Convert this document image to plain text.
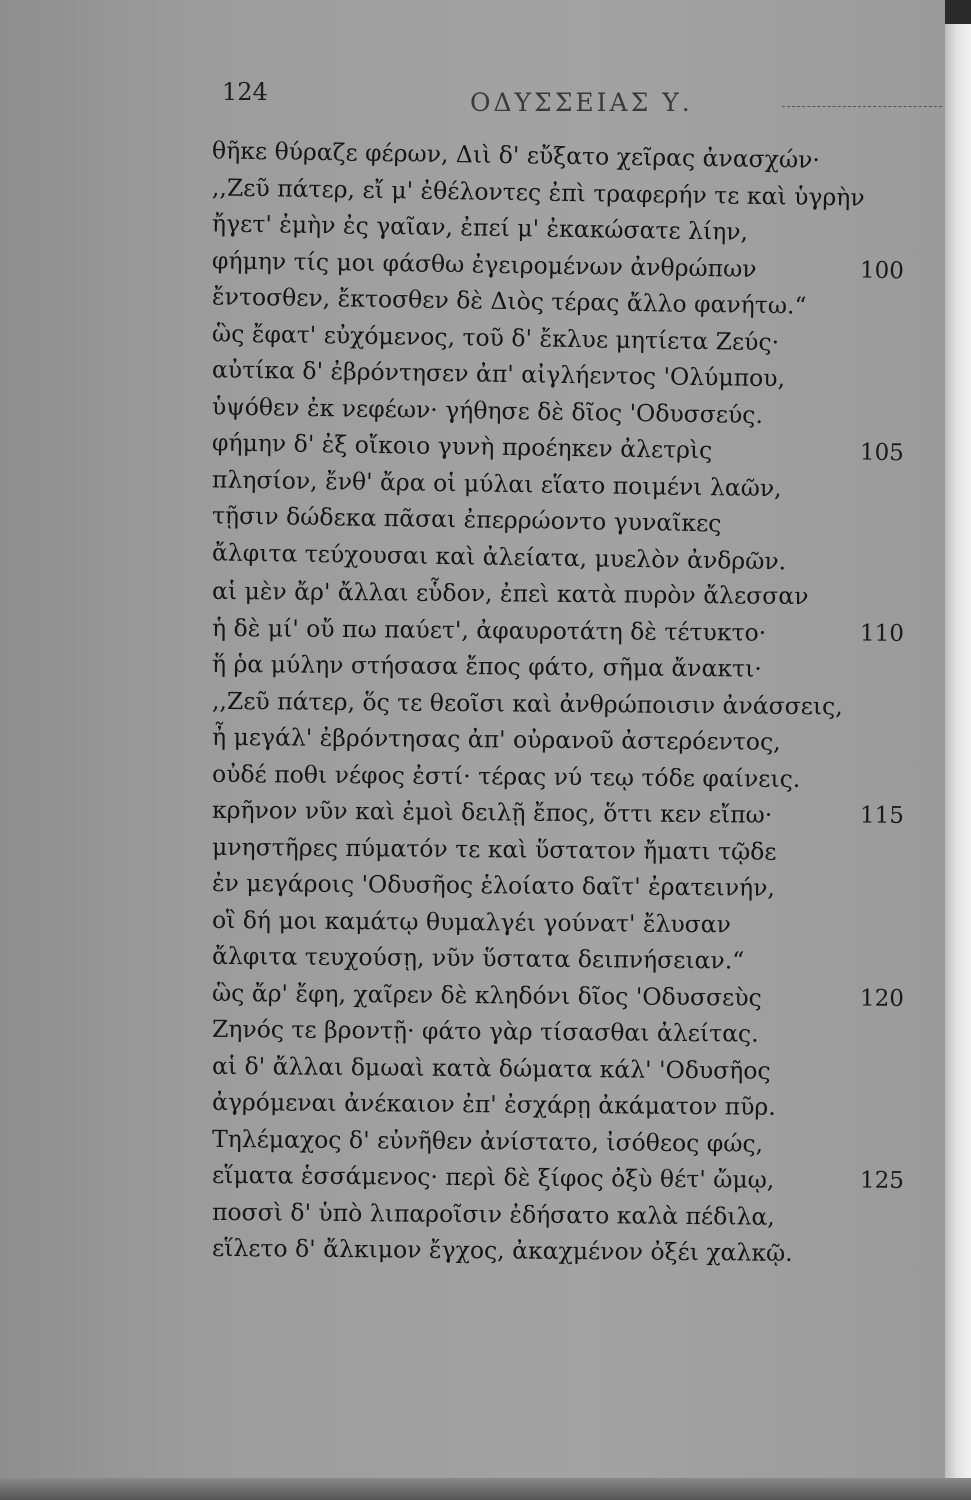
124	ΟΔΥΣΣΕΙΑΣ Υ.
θῆκε θύραζε φέρων, Διὶ δ' εὔξατο χεῖρας ἀνασχών·
,,Ζεῦ πάτερ, εἴ μ' ἐθέλοντες ἐπὶ τραφερήν τε καὶ ὑγρὴν
ἤγετ' ἐμὴν ἐς γαῖαν, ἐπεί μ' ἐκακώσατε λίην,
φήμην τίς μοι φάσθω ἐγειρομένων ἀνθρώπων	100
ἔντοσθεν, ἔκτοσθεν δὲ Διὸς τέρας ἄλλο φανήτω.“
ὣς ἔφατ' εὐχόμενος, τοῦ δ' ἔκλυε μητίετα Ζεύς·
αὐτίκα δ' ἐβρόντησεν ἀπ' αἰγλήεντος 'Ολύμπου,
ὑψόθεν ἐκ νεφέων· γήθησε δὲ δῖος 'Οδυσσεύς.
φήμην δ' ἐξ οἴκοιο γυνὴ προέηκεν ἀλετρὶς	105
πλησίον, ἔνθ' ἄρα οἱ μύλαι εἵατο ποιμένι λαῶν,
τῇσιν δώδεκα πᾶσαι ἐπερρώοντο γυναῖκες
ἄλφιτα τεύχουσαι καὶ ἀλείατα, μυελὸν ἀνδρῶν.
αἱ μὲν ἄρ' ἄλλαι εὗδον, ἐπεὶ κατὰ πυρὸν ἄλεσσαν
ἡ δὲ μί' οὔ πω παύετ', ἀφαυροτάτη δὲ τέτυκτο·	110
ἥ ῥα μύλην στήσασα ἔπος φάτο, σῆμα ἄνακτι·
,,Ζεῦ πάτερ, ὅς τε θεοῖσι καὶ ἀνθρώποισιν ἀνάσσεις,
ἦ μεγάλ' ἐβρόντησας ἀπ' οὐρανοῦ ἀστερόεντος,
οὐδέ ποθι νέφος ἐστί· τέρας νύ τεῳ τόδε φαίνεις.
κρῆνον νῦν καὶ ἐμοὶ δειλῇ ἔπος, ὅττι κεν εἴπω·	115
μνηστῆρες πύματόν τε καὶ ὕστατον ἤματι τῷδε
ἐν μεγάροις 'Οδυσῆος ἑλοίατο δαῖτ' ἐρατεινήν,
οἳ δή μοι καμάτῳ θυμαλγέι γούνατ' ἔλυσαν
ἄλφιτα τευχούσῃ, νῦν ὕστατα δειπνήσειαν.“
ὣς ἄρ' ἔφη, χαῖρεν δὲ κληδόνι δῖος 'Οδυσσεὺς	120
Ζηνός τε βροντῇ· φάτο γὰρ τίσασθαι ἀλείτας.
αἱ δ' ἄλλαι δμωαὶ κατὰ δώματα κάλ' 'Οδυσῆος
ἀγρόμεναι ἀνέκαιον ἐπ' ἐσχάρῃ ἀκάματον πῦρ.
Τηλέμαχος δ' εὐνῆθεν ἀνίστατο, ἰσόθεος φώς,
εἵματα ἑσσάμενος· περὶ δὲ ξίφος ὀξὺ θέτ' ὤμῳ,	125
ποσσὶ δ' ὑπὸ λιπαροῖσιν ἐδήσατο καλὰ πέδιλα,
εἵλετο δ' ἄλκιμον ἔγχος, ἀκαχμένον ὀξέι χαλκῷ.
